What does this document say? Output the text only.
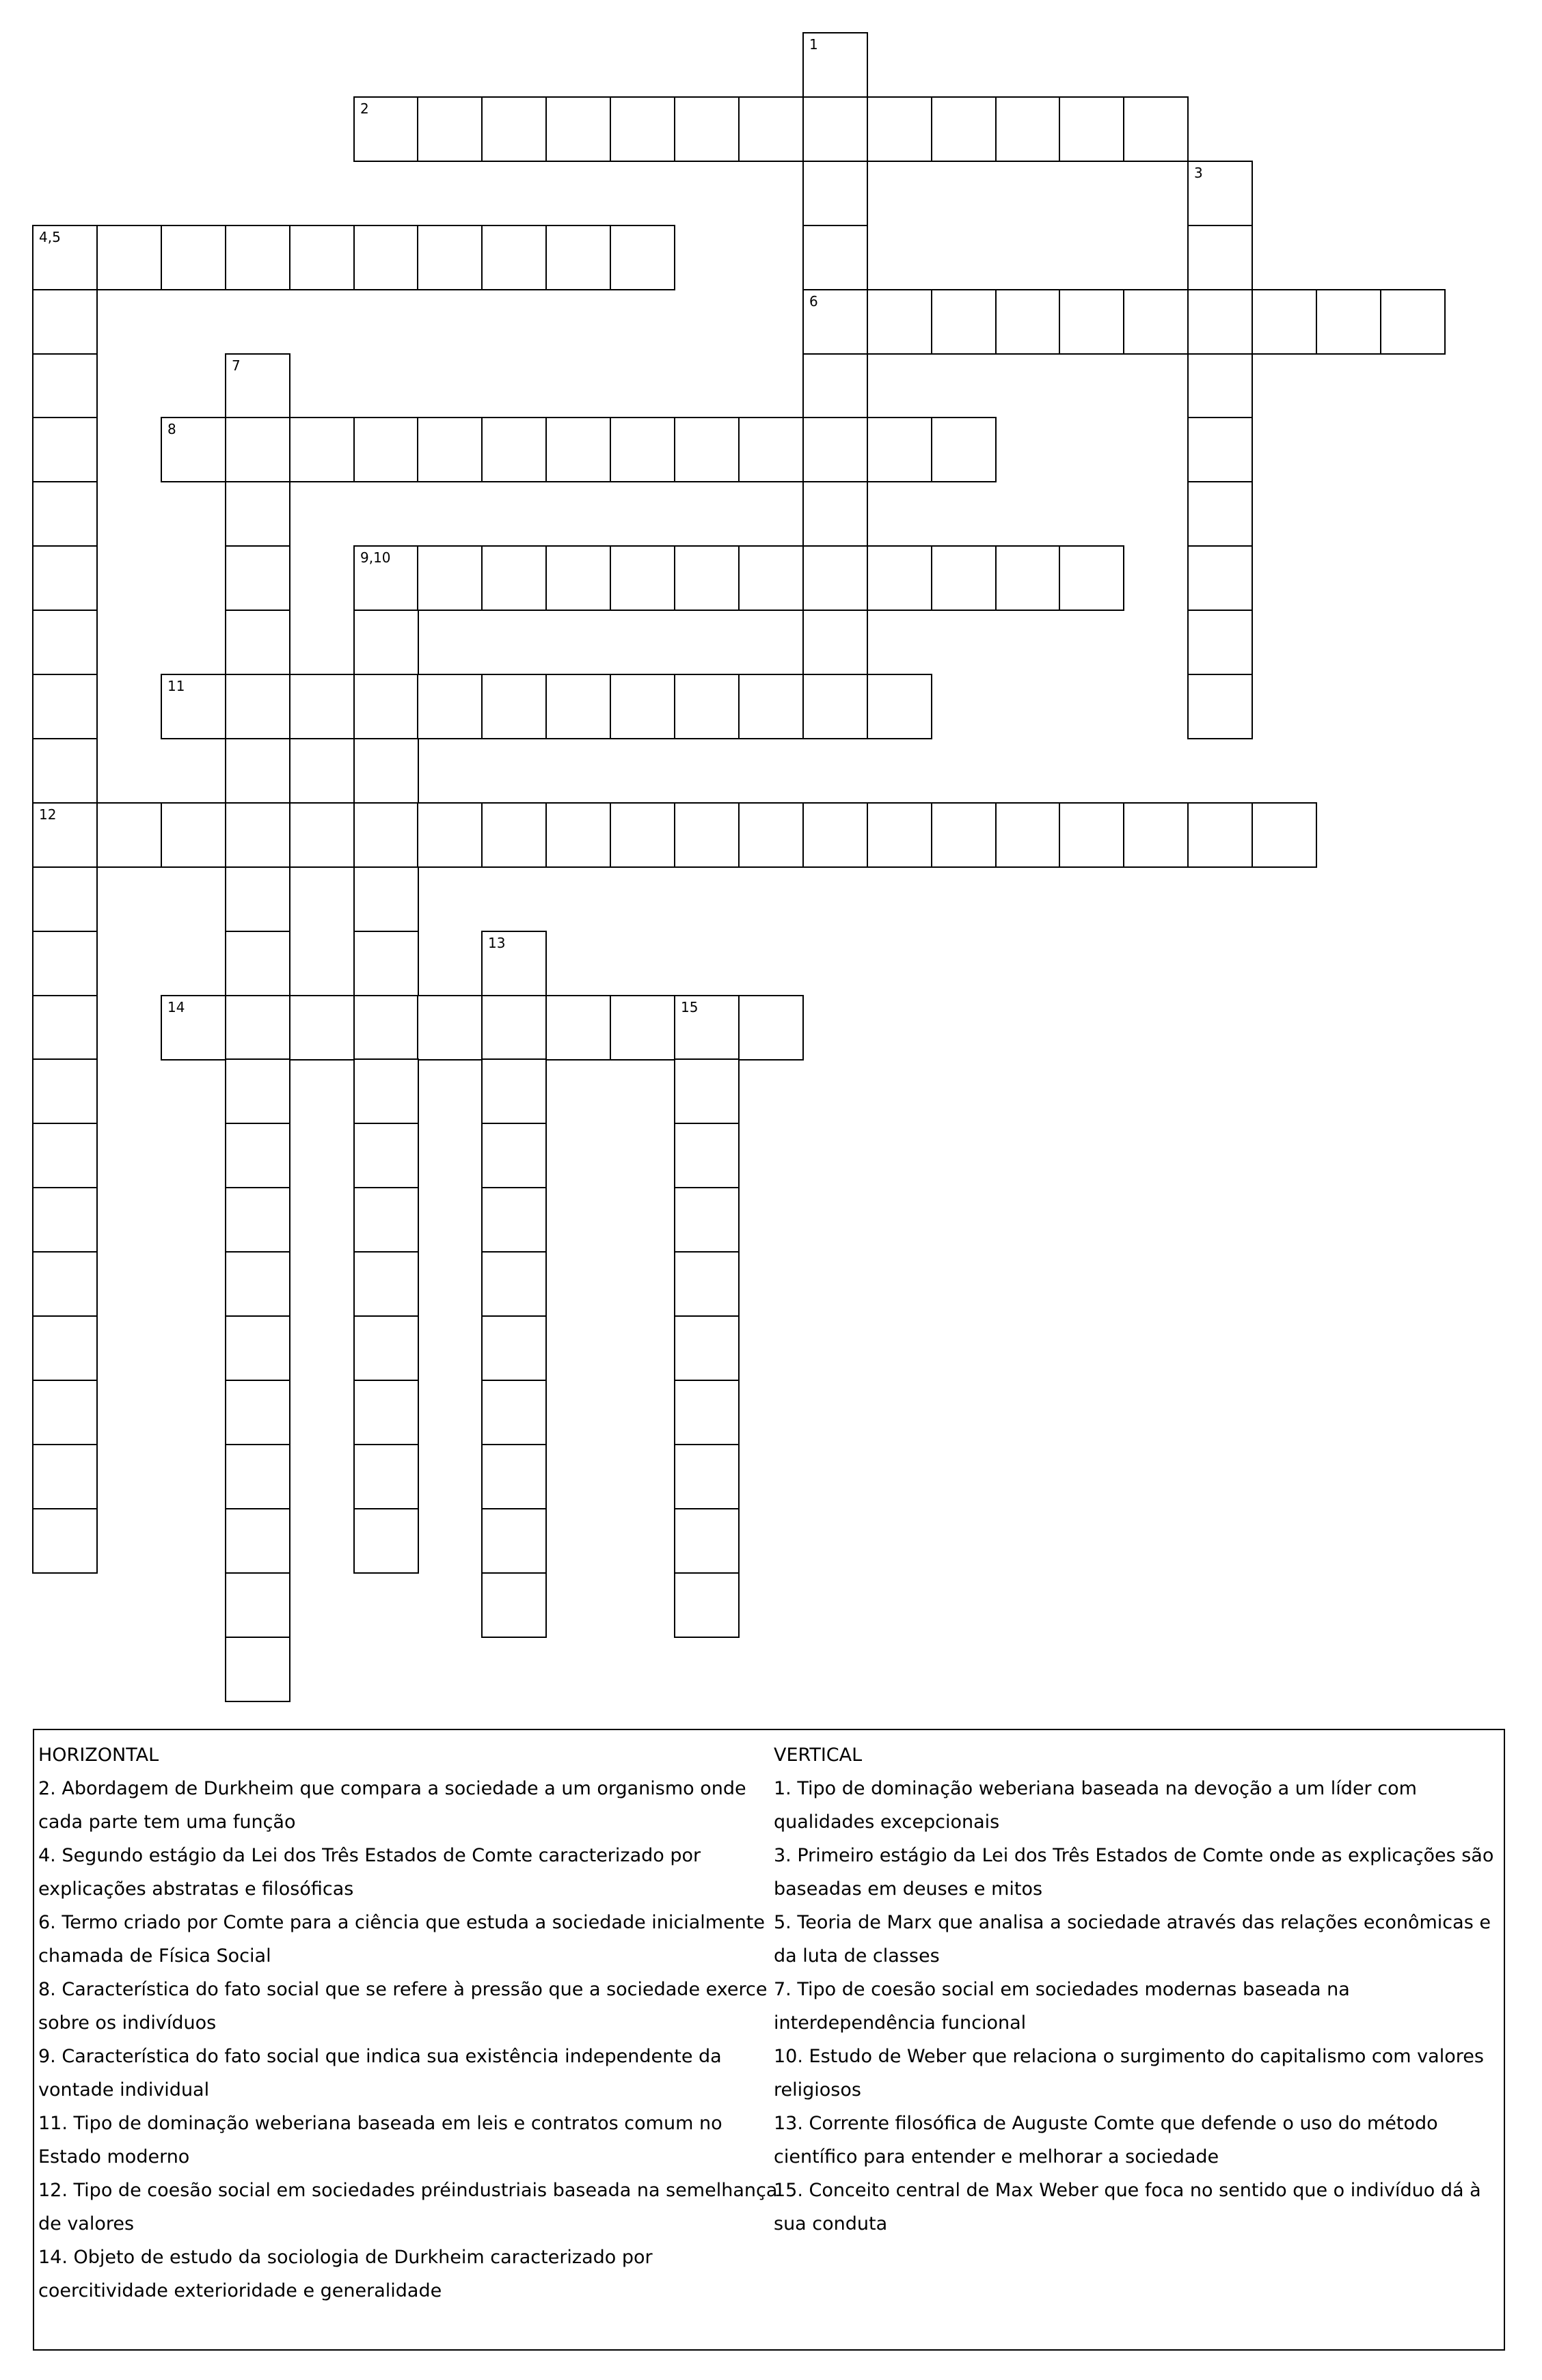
1
2
3
4,5
6
7
8
9,10
11
12
13
14	15
HORIZONTAL
2. Abordagem de Durkheim que compara a sociedade a um organismo onde cada parte tem uma função
4. Segundo estágio da Lei dos Três Estados de Comte caracterizado por explicações abstratas e filosóficas
6. Termo criado por Comte para a ciência que estuda a sociedade inicialmente chamada de Física Social
8. Característica do fato social que se refere à pressão que a sociedade exerce sobre os indivíduos
9. Característica do fato social que indica sua existência independente da vontade individual
11. Tipo de dominação weberiana baseada em leis e contratos comum no Estado moderno
12. Tipo de coesão social em sociedades préindustriais baseada na semelhança de valores
14. Objeto de estudo da sociologia de Durkheim caracterizado por coercitividade exterioridade e generalidade
VERTICAL
1. Tipo de dominação weberiana baseada na devoção a um líder com qualidades excepcionais
3. Primeiro estágio da Lei dos Três Estados de Comte onde as explicações são baseadas em deuses e mitos
5. Teoria de Marx que analisa a sociedade através das relações econômicas e da luta de classes
7. Tipo de coesão social em sociedades modernas baseada na interdependência funcional
10. Estudo de Weber que relaciona o surgimento do capitalismo com valores religiosos
13. Corrente filosófica de Auguste Comte que defende o uso do método científico para entender e melhorar a sociedade
15. Conceito central de Max Weber que foca no sentido que o indivíduo dá à sua conduta
